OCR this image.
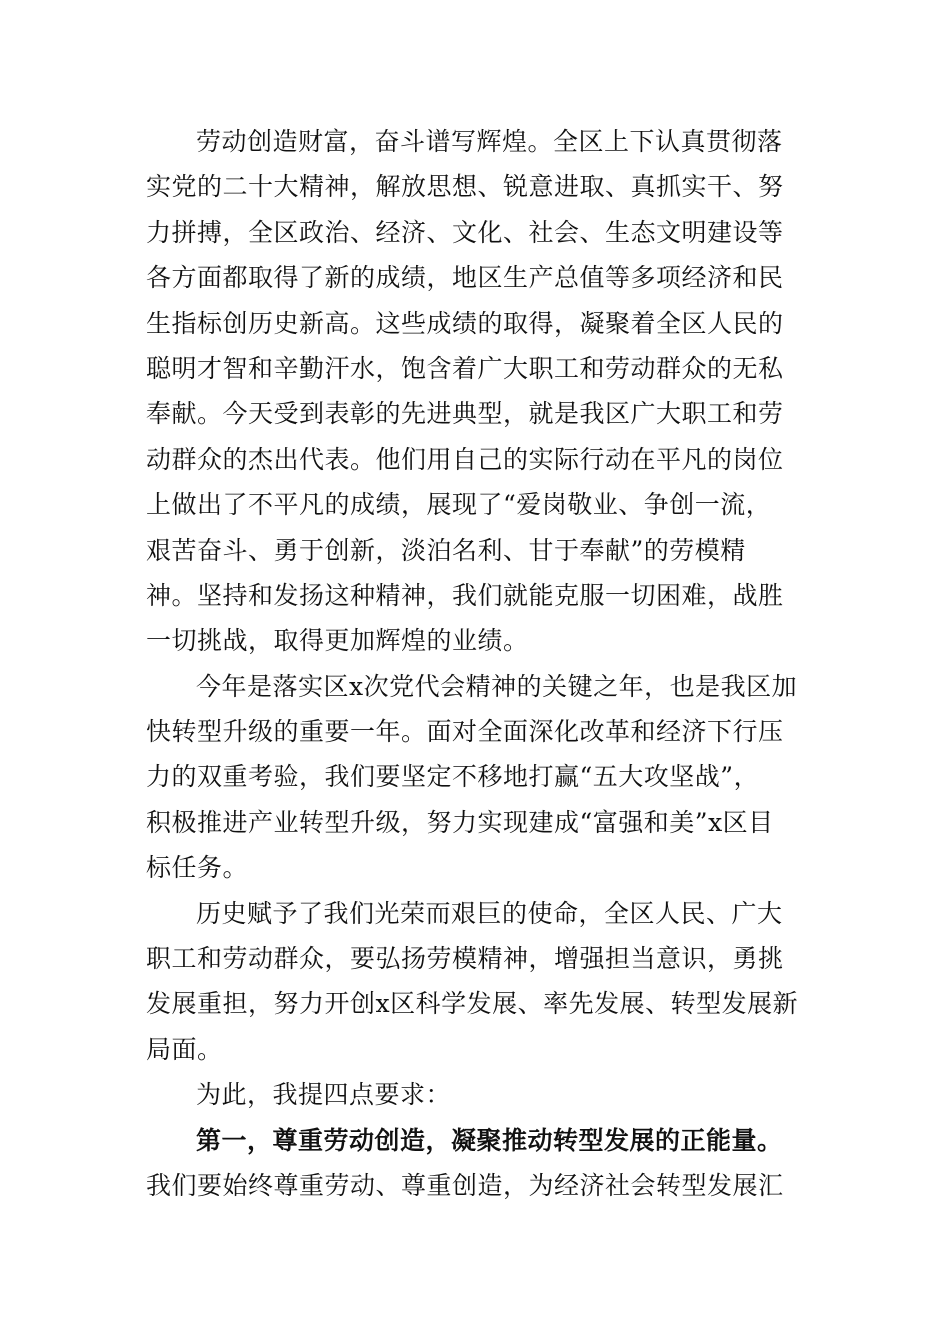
劳动创造财富，奋斗谱写辉煌。全区上下认真贯彻落
实党的二十大精神，解放思想、锐意进取、真抓实干、努
力拼搏，全区政治、经济、文化、社会、生态文明建设等
各方面都取得了新的成绩，地区生产总值等多项经济和民
生指标创历史新高。这些成绩的取得，凝聚着全区人民的
聪明才智和辛勤汗水，饱含着广大职工和劳动群众的无私
奉献。今天受到表彰的先进典型，就是我区广大职工和劳
动群众的杰出代表。他们用自己的实际行动在平凡的岗位
上做出了不平凡的成绩，展现了“爱岗敬业、争创一流，
艰苦奋斗、勇于创新，淡泊名利、甘于奉献”的劳模精
神。坚持和发扬这种精神，我们就能克服一切困难，战胜
一切挑战，取得更加辉煌的业绩。
今年是落实区x次党代会精神的关键之年，也是我区加
快转型升级的重要一年。面对全面深化改革和经济下行压
力的双重考验，我们要坚定不移地打赢“五大攻坚战”，
积极推进产业转型升级，努力实现建成“富强和美”x区目
标任务。
历史赋予了我们光荣而艰巨的使命，全区人民、广大
职工和劳动群众，要弘扬劳模精神，增强担当意识，勇挑
发展重担，努力开创x区科学发展、率先发展、转型发展新
局面。
为此，我提四点要求：
第一，尊重劳动创造，凝聚推动转型发展的正能量。
我们要始终尊重劳动、尊重创造，为经济社会转型发展汇
